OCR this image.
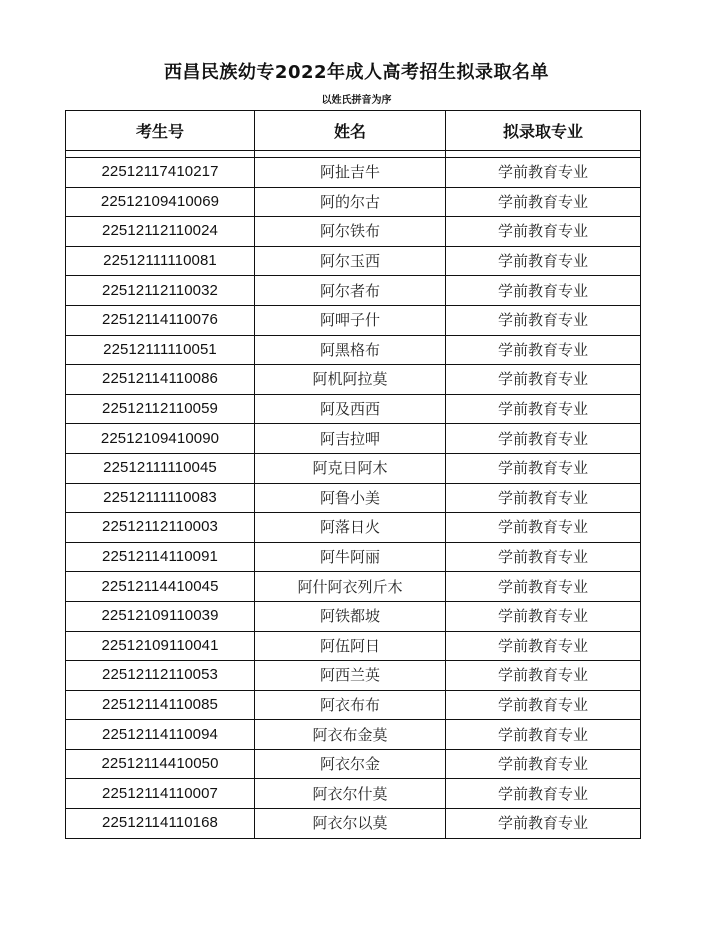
西昌民族幼专2022年成人高考招生拟录取名单
以姓氏拼音为序
考生号	姓名	拟录取专业

22512117410217	阿扯吉牛	学前教育专业
22512109410069	阿的尔古	学前教育专业
22512112110024	阿尔铁布	学前教育专业
22512111110081	阿尔玉西	学前教育专业
22512112110032	阿尔者布	学前教育专业
22512114110076	阿呷子什	学前教育专业
22512111110051	阿黑格布	学前教育专业
22512114110086	阿机阿拉莫	学前教育专业
22512112110059	阿及西西	学前教育专业
22512109410090	阿吉拉呷	学前教育专业
22512111110045	阿克日阿木	学前教育专业
22512111110083	阿鲁小美	学前教育专业
22512112110003	阿落日火	学前教育专业
22512114110091	阿牛阿丽	学前教育专业
22512114410045	阿什阿衣列斤木	学前教育专业
22512109110039	阿铁都坡	学前教育专业
22512109110041	阿伍阿日	学前教育专业
22512112110053	阿西兰英	学前教育专业
22512114110085	阿衣布布	学前教育专业
22512114110094	阿衣布金莫	学前教育专业
22512114410050	阿衣尔金	学前教育专业
22512114110007	阿衣尔什莫	学前教育专业
22512114110168	阿衣尔以莫	学前教育专业
